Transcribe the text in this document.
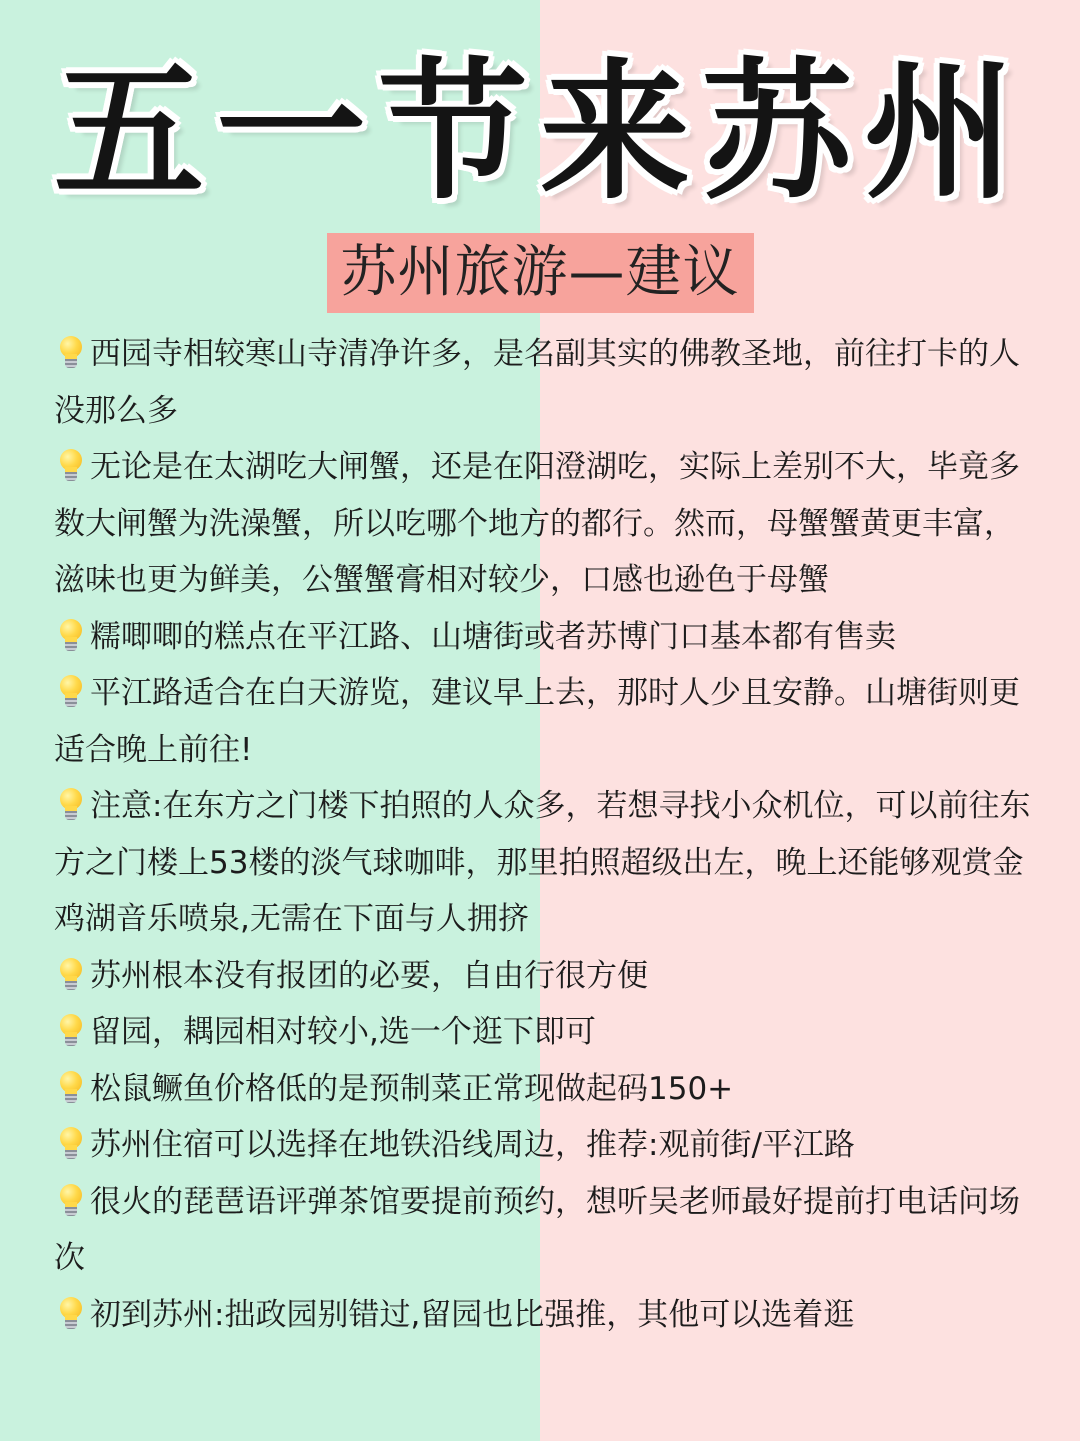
五一节来苏州
苏州旅游—建议
西园寺相较寒山寺清净许多，是名副其实的佛教圣地，前往打卡的人没那么多
无论是在太湖吃大闸蟹，还是在阳澄湖吃，实际上差别不大，毕竟多数大闸蟹为洗澡蟹，所以吃哪个地方的都行。然而，母蟹蟹黄更丰富，滋味也更为鲜美，公蟹蟹膏相对较少，口感也逊色于母蟹
糯唧唧的糕点在平江路、山塘街或者苏博门口基本都有售卖
平江路适合在白天游览，建议早上去，那时人少且安静。山塘街则更适合晚上前往!
注意:在东方之门楼下拍照的人众多，若想寻找小众机位，可以前往东方之门楼上53楼的淡气球咖啡，那里拍照超级出左，晚上还能够观赏金鸡湖音乐喷泉,无需在下面与人拥挤
苏州根本没有报团的必要，自由行很方便
留园，耦园相对较小,选一个逛下即可
松鼠鳜鱼价格低的是预制菜正常现做起码150+
苏州住宿可以选择在地铁沿线周边，推荐:观前街/平江路
很火的琵琶语评弹茶馆要提前预约，想听吴老师最好提前打电话问场次
初到苏州:拙政园别错过,留园也比强推，其他可以选着逛
